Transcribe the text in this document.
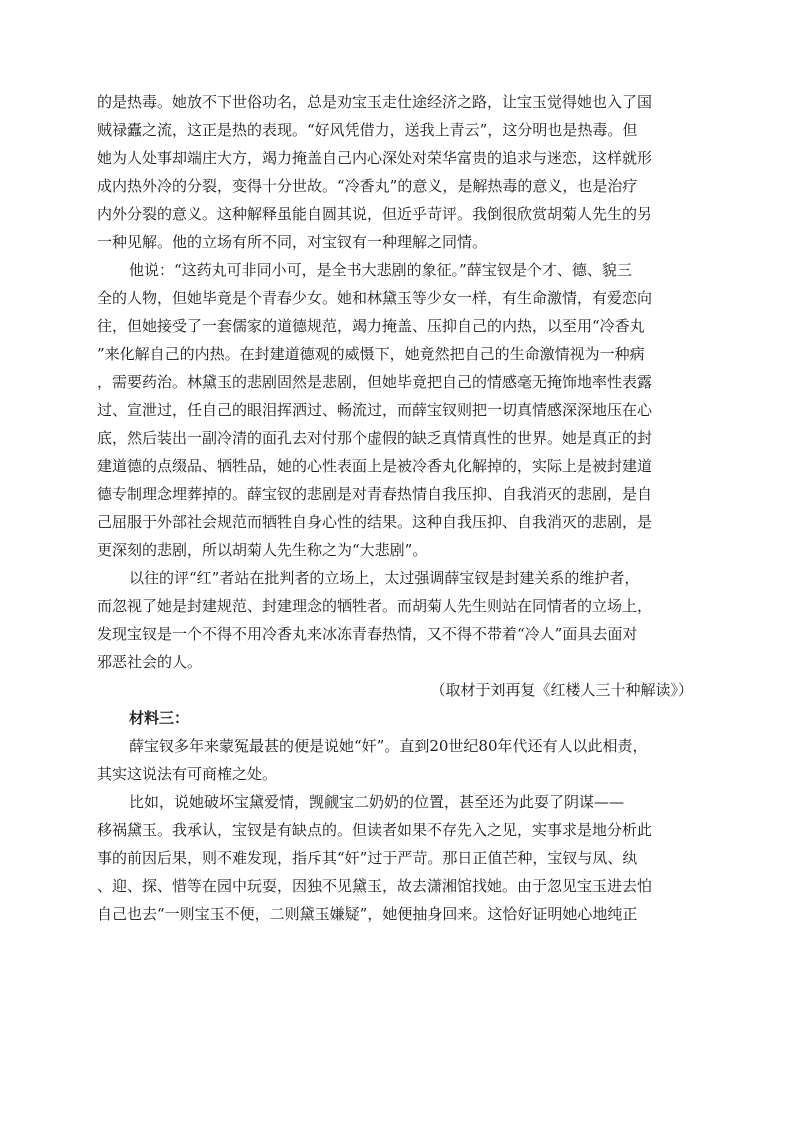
的是热毒。她放不下世俗功名，总是劝宝玉走仕途经济之路，让宝玉觉得她也入了国
贼禄蠹之流，这正是热的表现。“好风凭借力，送我上青云”，这分明也是热毒。但
她为人处事却端庄大方，竭力掩盖自己内心深处对荣华富贵的追求与迷恋，这样就形
成内热外冷的分裂，变得十分世故。“冷香丸”的意义，是解热毒的意义，也是治疗
内外分裂的意义。这种解释虽能自圆其说，但近乎苛评。我倒很欣赏胡菊人先生的另
一种见解。他的立场有所不同，对宝钗有一种理解之同情。
他说：“这药丸可非同小可，是全书大悲剧的象征。”薛宝钗是个才、德、貌三
全的人物，但她毕竟是个青春少女。她和林黛玉等少女一样，有生命激情，有爱恋向
往，但她接受了一套儒家的道德规范，竭力掩盖、压抑自己的内热，以至用“冷香丸
”来化解自己的内热。在封建道德观的威慑下，她竟然把自己的生命激情视为一种病
，需要药治。林黛玉的悲剧固然是悲剧，但她毕竟把自己的情感毫无掩饰地率性表露
过、宣泄过，任自己的眼泪挥洒过、畅流过，而薛宝钗则把一切真情感深深地压在心
底，然后装出一副冷清的面孔去对付那个虚假的缺乏真情真性的世界。她是真正的封
建道德的点缀品、牺牲品，她的心性表面上是被冷香丸化解掉的，实际上是被封建道
德专制理念埋葬掉的。薛宝钗的悲剧是对青春热情自我压抑、自我消灭的悲剧，是自
己屈服于外部社会规范而牺牲自身心性的结果。这种自我压抑、自我消灭的悲剧，是
更深刻的悲剧，所以胡菊人先生称之为“大悲剧”。
以往的评“红”者站在批判者的立场上，太过强调薛宝钗是封建关系的维护者，
而忽视了她是封建规范、封建理念的牺牲者。而胡菊人先生则站在同情者的立场上，
发现宝钗是一个不得不用冷香丸来冰冻青春热情，又不得不带着“冷人”面具去面对
邪恶社会的人。
（取材于刘再复《红楼人三十种解读》）
材料三：
薛宝钗多年来蒙冤最甚的便是说她“奸”。直到20世纪80年代还有人以此相责，
其实这说法有可商榷之处。
比如，说她破坏宝黛爱情，觊觎宝二奶奶的位置，甚至还为此耍了阴谋——
移祸黛玉。我承认，宝钗是有缺点的。但读者如果不存先入之见，实事求是地分析此
事的前因后果，则不难发现，指斥其“奸”过于严苛。那日正值芒种，宝钗与凤、纨
、迎、探、惜等在园中玩耍，因独不见黛玉，故去潇湘馆找她。由于忽见宝玉进去怕
自己也去“一则宝玉不便，二则黛玉嫌疑”，她便抽身回来。这恰好证明她心地纯正
